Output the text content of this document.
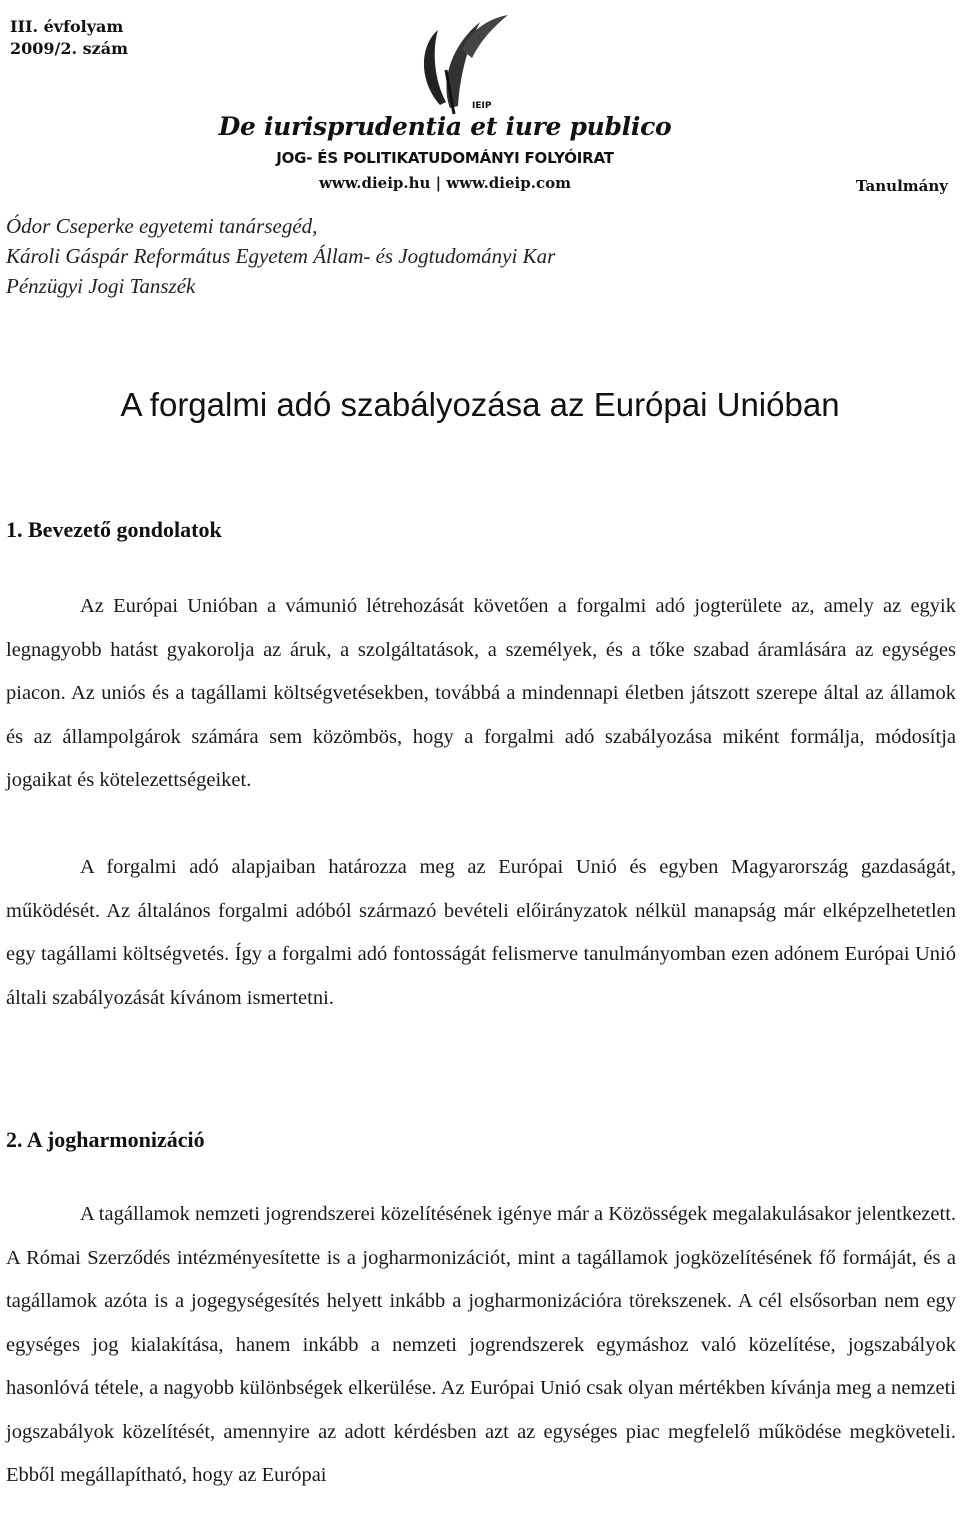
III. évfolyam
2009/2. szám
IEIP
De iurisprudentia et iure publico
JOG- ÉS POLITIKATUDOMÁNYI FOLYÓIRAT
www.dieip.hu | www.dieip.com	Tanulmány
Ódor Cseperke egyetemi tanársegéd,
Károli Gáspár Református Egyetem Állam- és Jogtudományi Kar
Pénzügyi Jogi Tanszék
A forgalmi adó szabályozása az Európai Unióban
1. Bevezető gondolatok

Az Európai Unióban a vámunió létrehozását követően a forgalmi adó jogterülete az, amely az egyik legnagyobb hatást gyakorolja az áruk, a szolgáltatások, a személyek, és a tőke szabad áramlására az egységes piacon. Az uniós és a tagállami költségvetésekben, továbbá a mindennapi életben játszott szerepe által az államok és az állampolgárok számára sem közömbös, hogy a forgalmi adó szabályozása miként formálja, módosítja jogaikat és kötelezettségeiket.

A forgalmi adó alapjaiban határozza meg az Európai Unió és egyben Magyarország gazdaságát, működését. Az általános forgalmi adóból származó bevételi előirányzatok nélkül manapság már elképzelhetetlen egy tagállami költségvetés. Így a forgalmi adó fontosságát felismerve tanulmányomban ezen adónem Európai Unió általi szabályozását kívánom ismertetni.

2. A jogharmonizáció

A tagállamok nemzeti jogrendszerei közelítésének igénye már a Közösségek megalakulásakor jelentkezett. A Római Szerződés intézményesítette is a jogharmonizációt, mint a tagállamok jogközelítésének fő formáját, és a tagállamok azóta is a jogegységesítés helyett inkább a jogharmonizációra törekszenek. A cél elsősorban nem egy egységes jog kialakítása, hanem inkább a nemzeti jogrendszerek egymáshoz való közelítése, jogszabályok hasonlóvá tétele, a nagyobb különbségek elkerülése. Az Európai Unió csak olyan mértékben kívánja meg a nemzeti jogszabályok közelítését, amennyire az adott kérdésben azt az egységes piac megfelelő működése megköveteli. Ebből megállapítható, hogy az Európai
